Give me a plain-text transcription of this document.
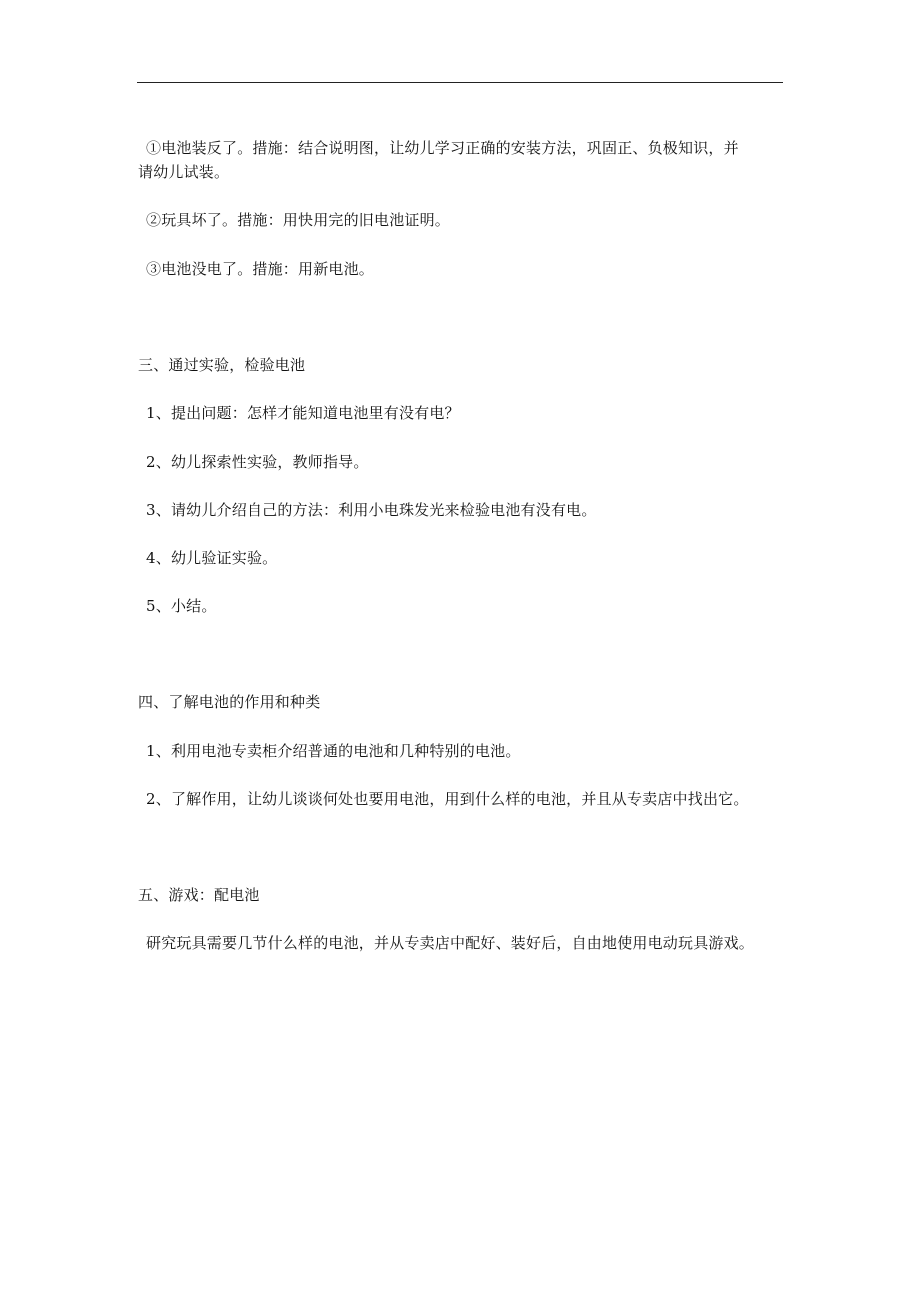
①电池装反了。措施：结合说明图，让幼儿学习正确的安装方法，巩固正、负极知识，并
请幼儿试装。
②玩具坏了。措施：用快用完的旧电池证明。
③电池没电了。措施：用新电池。
三、通过实验，检验电池
1、提出问题：怎样才能知道电池里有没有电？
2、幼儿探索性实验，教师指导。
3、请幼儿介绍自己的方法：利用小电珠发光来检验电池有没有电。
4、幼儿验证实验。
5、小结。
四、了解电池的作用和种类
1、利用电池专卖柜介绍普通的电池和几种特别的电池。
2、了解作用，让幼儿谈谈何处也要用电池，用到什么样的电池，并且从专卖店中找出它。
五、游戏：配电池
研究玩具需要几节什么样的电池，并从专卖店中配好、装好后，自由地使用电动玩具游戏。
